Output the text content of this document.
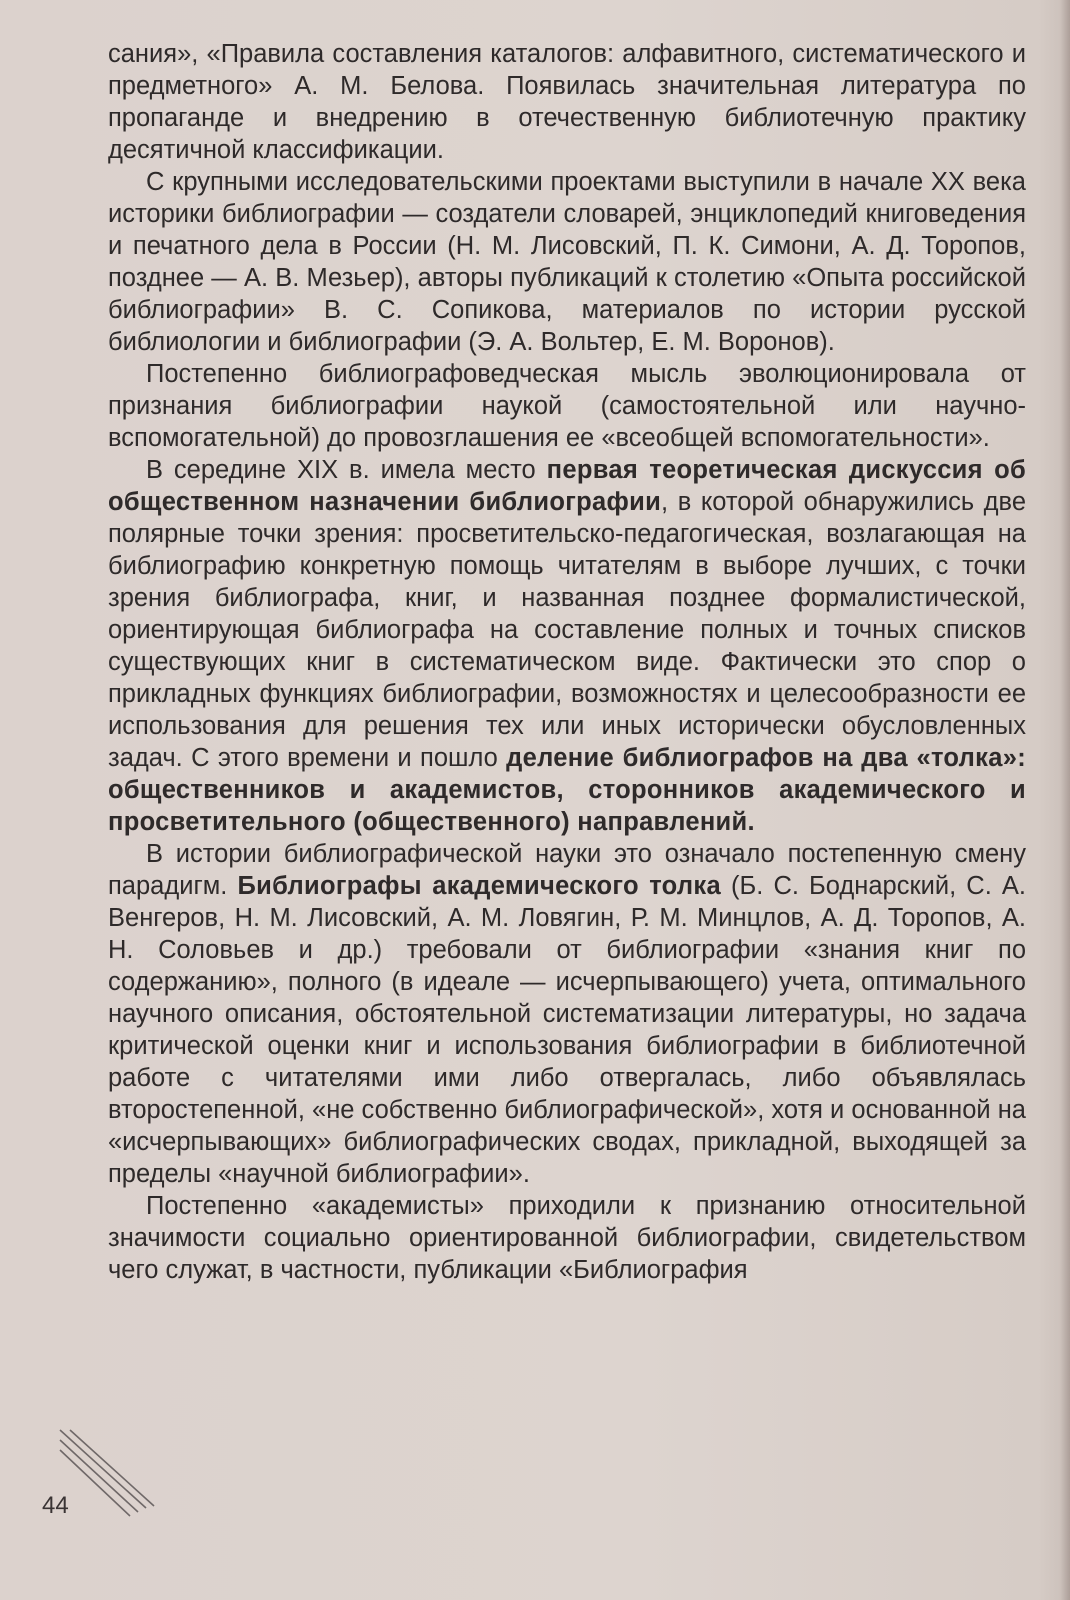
сания», «Правила составления каталогов: алфавитного, систематического и предметного» А. М. Белова. Появилась значительная литература по пропаганде и внедрению в отечественную библиотечную практику десятичной классификации.

С крупными исследовательскими проектами выступили в начале XX века историки библиографии — создатели словарей, энциклопедий книговедения и печатного дела в России (Н. М. Лисовский, П. К. Симони, А. Д. Торопов, позднее — А. В. Мезьер), авторы публикаций к столетию «Опыта российской библиографии» В. С. Сопикова, материалов по истории русской библиологии и библиографии (Э. А. Вольтер, Е. М. Воронов).

Постепенно библиографоведческая мысль эволюционировала от признания библиографии наукой (самостоятельной или научно-вспомогательной) до провозглашения ее «всеобщей вспомогательности».

В середине XIX в. имела место первая теоретическая дискуссия об общественном назначении библиографии, в которой обнаружились две полярные точки зрения: просветительско-педагогическая, возлагающая на библиографию конкретную помощь читателям в выборе лучших, с точки зрения библиографа, книг, и названная позднее формалистической, ориентирующая библиографа на составление полных и точных списков существующих книг в систематическом виде. Фактически это спор о прикладных функциях библиографии, возможностях и целесообразности ее использования для решения тех или иных исторически обусловленных задач. С этого времени и пошло деление библиографов на два «толка»: общественников и академистов, сторонников академического и просветительного (общественного) направлений.

В истории библиографической науки это означало постепенную смену парадигм. Библиографы академического толка (Б. С. Боднарский, С. А. Венгеров, Н. М. Лисовский, А. М. Ловягин, Р. М. Минцлов, А. Д. Торопов, А. Н. Соловьев и др.) требовали от библиографии «знания книг по содержанию», полного (в идеале — исчерпывающего) учета, оптимального научного описания, обстоятельной систематизации литературы, но задача критической оценки книг и использования библиографии в библиотечной работе с читателями ими либо отвергалась, либо объявлялась второстепенной, «не собственно библиографической», хотя и основанной на «исчерпывающих» библиографических сводах, прикладной, выходящей за пределы «научной библиографии».

Постепенно «академисты» приходили к признанию относительной значимости социально ориентированной библиографии, свидетельством чего служат, в частности, публикации «Библиография

44
